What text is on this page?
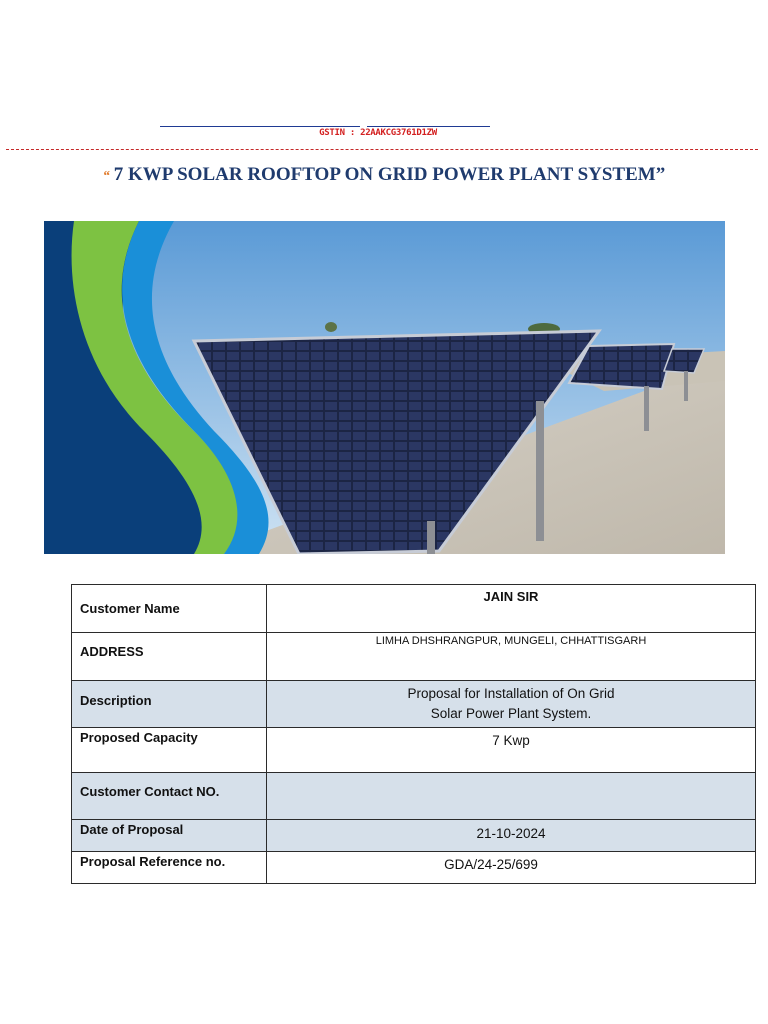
GSTIN : 22AAKCG3761D1ZW
“ 7 KWP SOLAR ROOFTOP ON GRID POWER PLANT SYSTEM”
Customer Name	JAIN SIR

ADDRESS	LIMHA DHSHRANGPUR, MUNGELI, CHHATTISGARH

Description	Proposal for Installation of On Grid
Solar Power Plant System.

Proposed Capacity	7 Kwp

Customer Contact NO.	

Date of Proposal	21-10-2024

Proposal Reference no.	GDA/24-25/699
